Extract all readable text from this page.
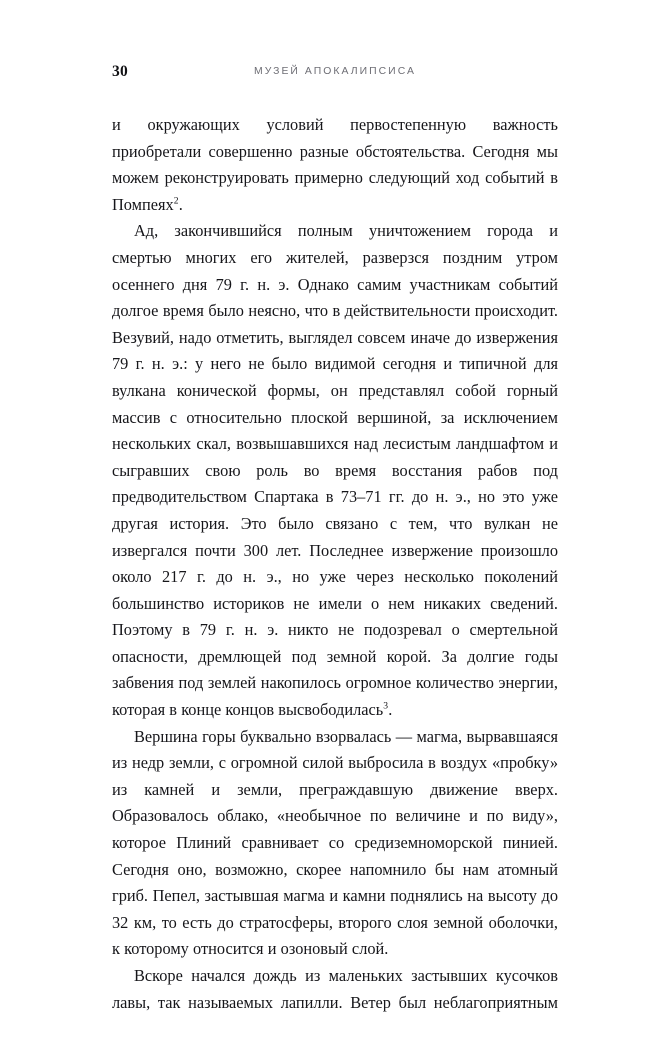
30	МУЗЕЙ АПОКАЛИПСИСА

и окружающих условий первостепенную важность приобретали совершенно разные обстоятельства. Сегодня мы можем реконструировать примерно следующий ход событий в Помпеях$^2$.

Ад, закончившийся полным уничтожением города и смертью многих его жителей, разверзся поздним утром осеннего дня 79 г. н. э. Однако самим участникам событий долгое время было неясно, что в действительности происходит. Везувий, надо отметить, выглядел совсем иначе до извержения 79 г. н. э.: у него не было видимой сегодня и типичной для вулкана конической формы, он представлял собой горный массив с относительно плоской вершиной, за исключением нескольких скал, возвышавшихся над лесистым ландшафтом и сыгравших свою роль во время восстания рабов под предводительством Спартака в 73–71 гг. до н. э., но это уже другая история. Это было связано с тем, что вулкан не извергался почти 300 лет. Последнее извержение произошло около 217 г. до н. э., но уже через несколько поколений большинство историков не имели о нем никаких сведений. Поэтому в 79 г. н. э. никто не подозревал о смертельной опасности, дремлющей под земной корой. За долгие годы забвения под землей накопилось огромное количество энергии, которая в конце концов высвободилась$^3$.

Вершина горы буквально взорвалась — магма, вырвавшаяся из недр земли, с огромной силой выбросила в воздух «пробку» из камней и земли, преграждавшую движение вверх. Образовалось облако, «необычное по величине и по виду», которое Плиний сравнивает со средиземноморской пинией. Сегодня оно, возможно, скорее напомнило бы нам атомный гриб. Пепел, застывшая магма и камни поднялись на высоту до 32 км, то есть до стратосферы, второго слоя земной оболочки, к которому относится и озоновый слой.

Вскоре начался дождь из маленьких застывших кусочков лавы, так называемых лапилли. Ветер был неблагоприятным
